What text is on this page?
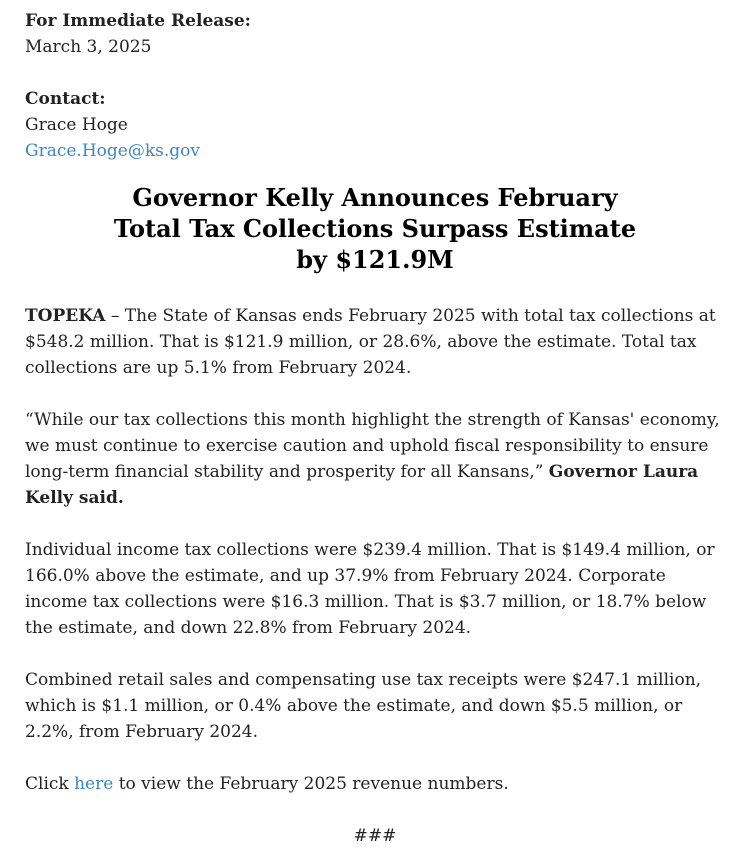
For Immediate Release:
March 3, 2025
Contact:
Grace Hoge
Grace.Hoge@ks.gov
Governor Kelly Announces February
Total Tax Collections Surpass Estimate
by $121.9M

TOPEKA – The State of Kansas ends February 2025 with total tax collections at $548.2 million. That is $121.9 million, or 28.6%, above the estimate. Total tax collections are up 5.1% from February 2024.

“While our tax collections this month highlight the strength of Kansas' economy, we must continue to exercise caution and uphold fiscal responsibility to ensure long-term financial stability and prosperity for all Kansans,” Governor Laura Kelly said.

Individual income tax collections were $239.4 million. That is $149.4 million, or 166.0% above the estimate, and up 37.9% from February 2024. Corporate income tax collections were $16.3 million. That is $3.7 million, or 18.7% below the estimate, and down 22.8% from February 2024.

Combined retail sales and compensating use tax receipts were $247.1 million, which is $1.1 million, or 0.4% above the estimate, and down $5.5 million, or 2.2%, from February 2024.

Click here to view the February 2025 revenue numbers.

###
